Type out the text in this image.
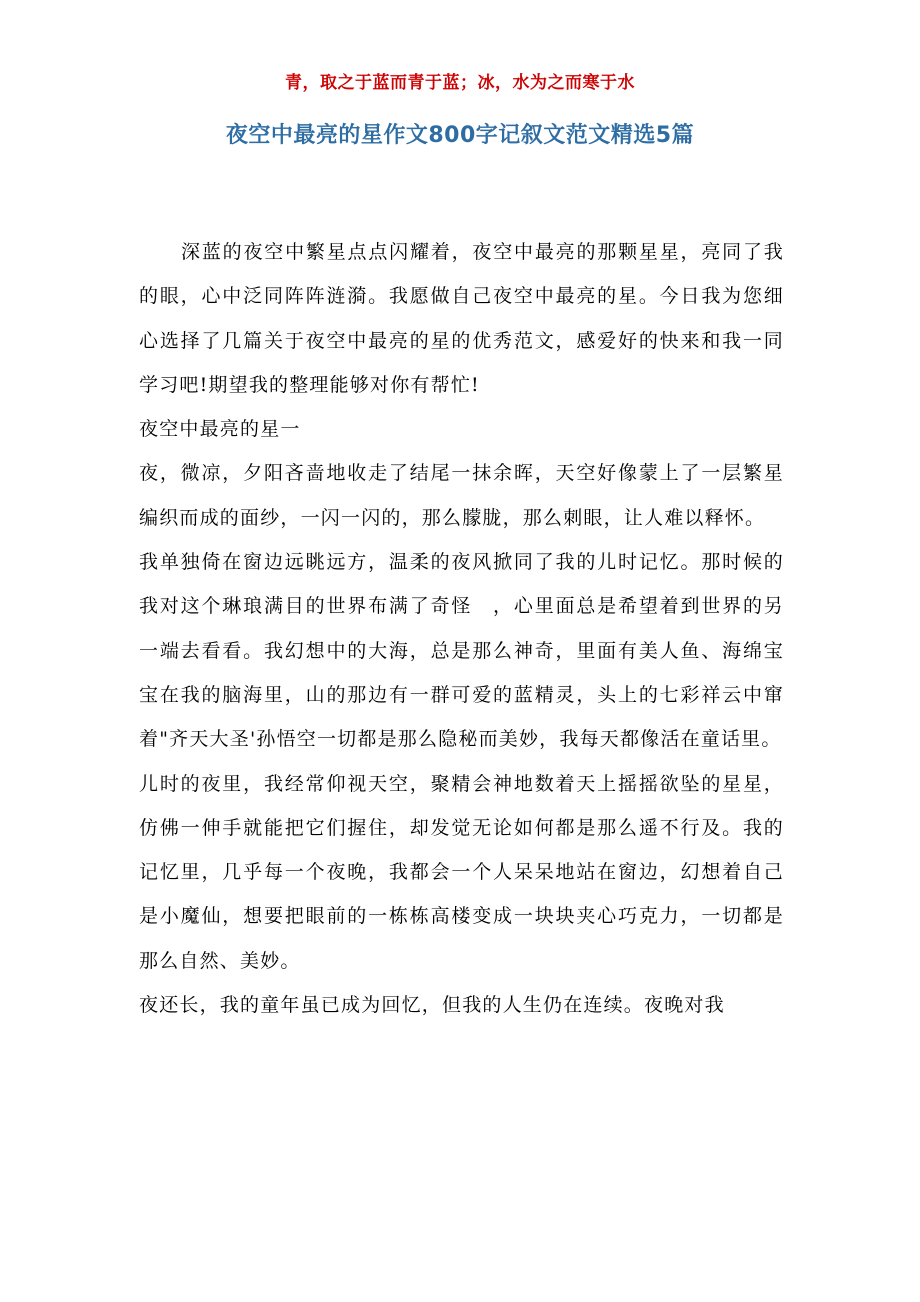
青，取之于蓝而青于蓝；冰，水为之而寒于水
夜空中最亮的星作文800字记叙文范文精选5篇

深蓝的夜空中繁星点点闪耀着，夜空中最亮的那颗星星，亮同了我的眼，心中泛同阵阵涟漪。我愿做自己夜空中最亮的星。今日我为您细心选择了几篇关于夜空中最亮的星的优秀范文，感爱好的快来和我一同学习吧!期望我的整理能够对你有帮忙!

夜空中最亮的星一

夜，微凉，夕阳吝啬地收走了结尾一抹余晖，天空好像蒙上了一层繁星编织而成的面纱，一闪一闪的，那么朦胧，那么刺眼，让人难以释怀。

我单独倚在窗边远眺远方，温柔的夜风掀同了我的儿时记忆。那时候的我对这个琳琅满目的世界布满了奇怪　，心里面总是希望着到世界的另一端去看看。我幻想中的大海，总是那么神奇，里面有美人鱼、海绵宝宝在我的脑海里，山的那边有一群可爱的蓝精灵，头上的七彩祥云中窜着"齐天大圣'孙悟空一切都是那么隐秘而美妙，我每天都像活在童话里。

儿时的夜里，我经常仰视天空，聚精会神地数着天上摇摇欲坠的星星，仿佛一伸手就能把它们握住，却发觉无论如何都是那么遥不行及。我的记忆里，几乎每一个夜晚，我都会一个人呆呆地站在窗边，幻想着自己是小魔仙，想要把眼前的一栋栋高楼变成一块块夹心巧克力，一切都是那么自然、美妙。

夜还长，我的童年虽已成为回忆，但我的人生仍在连续。夜晚对我
